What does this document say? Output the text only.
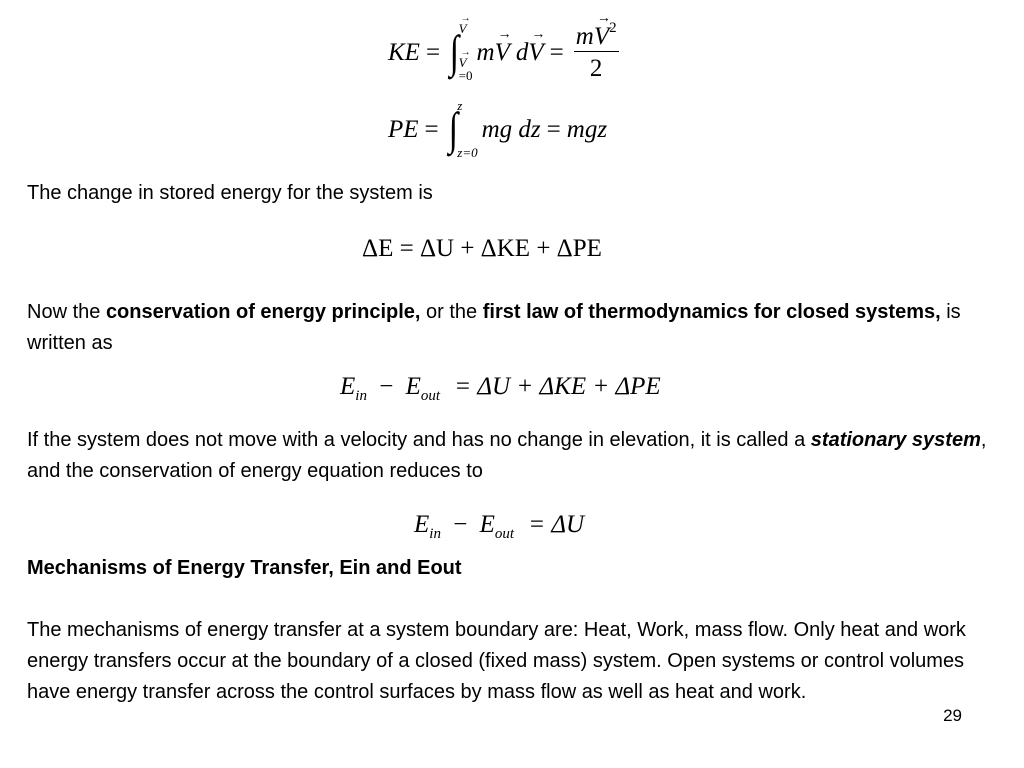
KE = ∫
→ V
→ V
=0
m
→ V d
→ $V = \frac{m\to V^2}{2}$
PE = ∫ z
z=0
mg dz = mgz

The change in stored energy for the system is

ΔE = ΔU + ΔKE + ΔPE

Now the conservation of energy principle, or the first law of thermodynamics for closed systems, is written as

$E_{in} - E_{out} = \Delta U + \Delta KE + \Delta PE$

If the system does not move with a velocity and has no change in elevation, it is called a stationary system, and the conservation of energy equation reduces to

$E_{in} - E_{out} = \Delta U$

Mechanisms of Energy Transfer, Ein and Eout

The mechanisms of energy transfer at a system boundary are: Heat, Work, mass flow. Only heat and work energy transfers occur at the boundary of a closed (fixed mass) system. Open systems or control volumes have energy transfer across the control surfaces by mass flow as well as heat and work.

29
